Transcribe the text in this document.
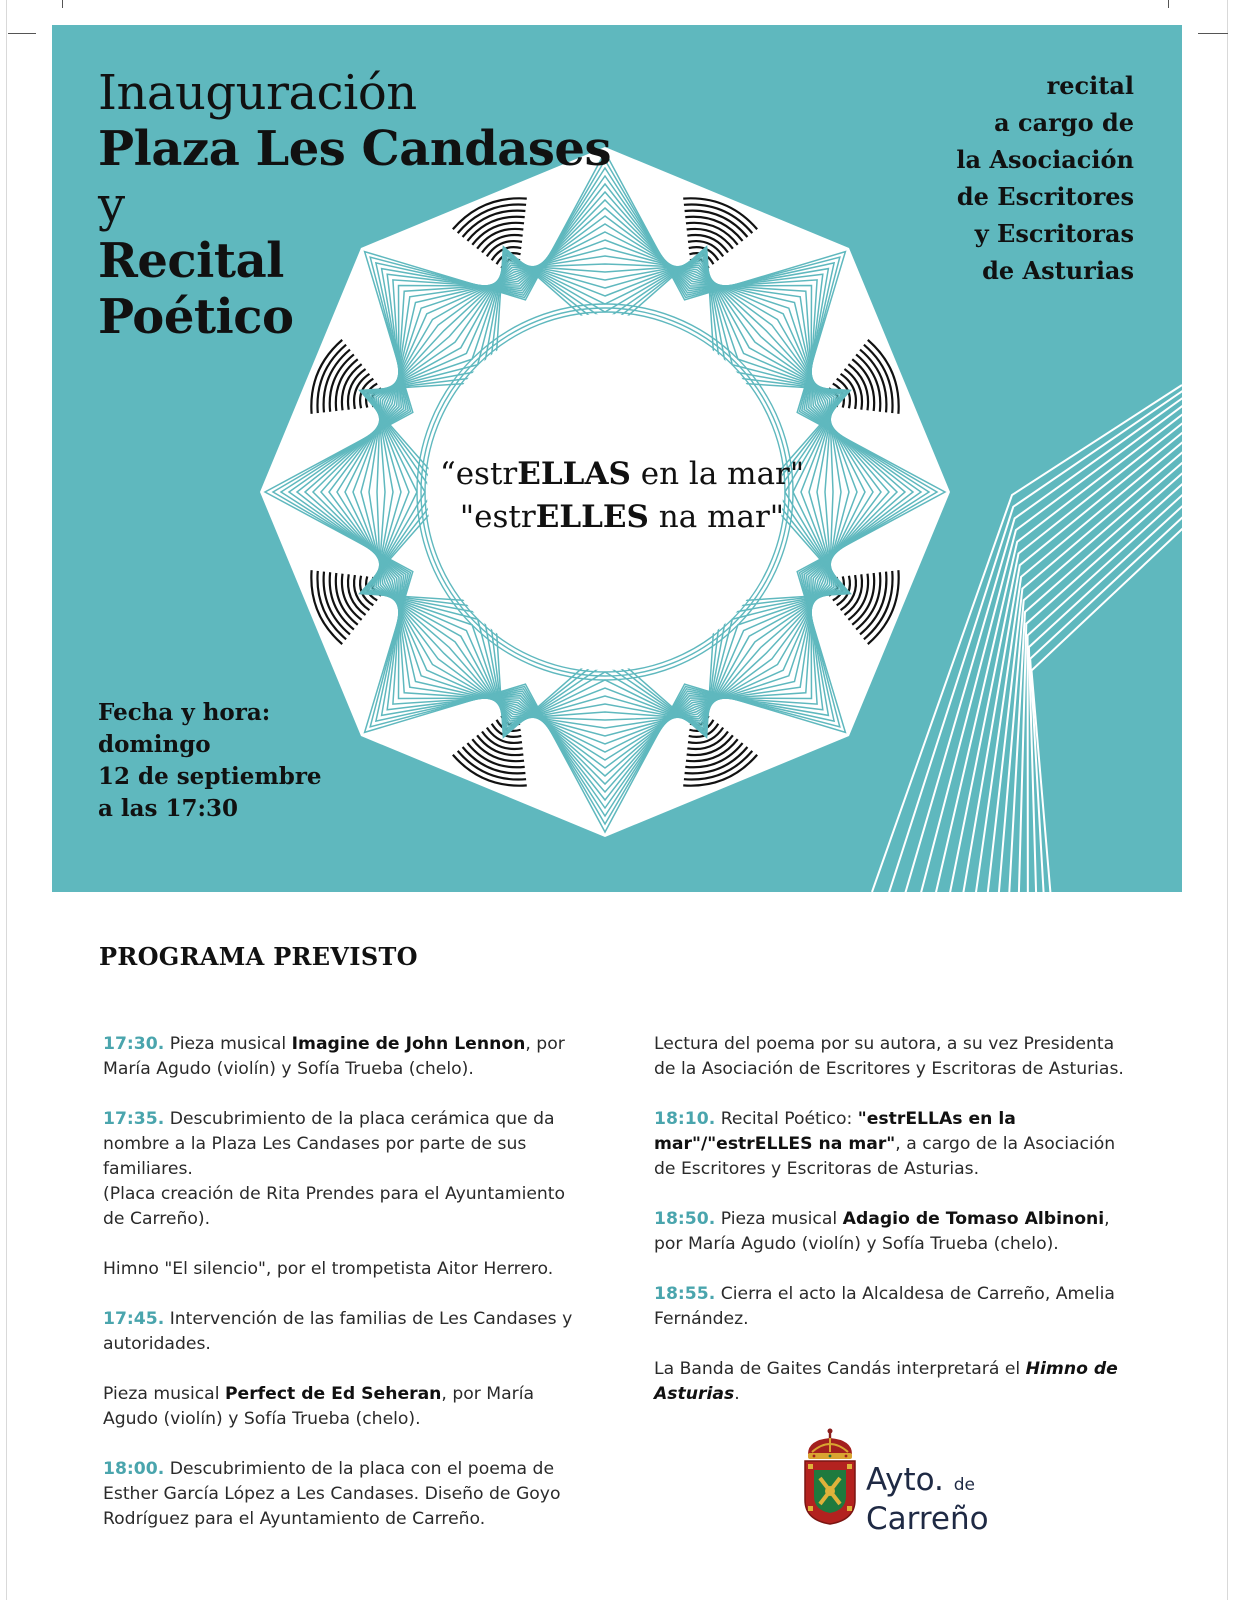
Inauguración
Plaza Les Candases
y
Recital
Poético

recital
a cargo de
la Asociación
de Escritores
y Escritoras
de Asturias

Fecha y hora:
domingo
12 de septiembre
a las 17:30

“estrELLAS en la mar"
"estrELLES na mar"
PROGRAMA PREVISTO

17:30. Pieza musical Imagine de John Lennon, por María Agudo (violín) y Sofía Trueba (chelo).

17:35. Descubrimiento de la placa cerámica que da nombre a la Plaza Les Candases por parte de sus familiares.
(Placa creación de Rita Prendes para el Ayuntamiento de Carreño).

Himno "El silencio", por el trompetista Aitor Herrero.

17:45. Intervención de las familias de Les Candases y autoridades.

Pieza musical Perfect de Ed Seheran, por María Agudo (violín) y Sofía Trueba (chelo).

18:00. Descubrimiento de la placa con el poema de Esther García López a Les Candases. Diseño de Goyo Rodríguez para el Ayuntamiento de Carreño.

Lectura del poema por su autora, a su vez Presidenta de la Asociación de Escritores y Escritoras de Asturias.

18:10. Recital Poético: "estrELLAs en la mar"/"estrELLES na mar", a cargo de la Asociación de Escritores y Escritoras de Asturias.

18:50. Pieza musical Adagio de Tomaso Albinoni, por María Agudo (violín) y Sofía Trueba (chelo).

18:55. Cierra el acto la Alcaldesa de Carreño, Amelia Fernández.

La Banda de Gaites Candás interpretará el Himno de Asturias.

Ayto. de
Carreño
